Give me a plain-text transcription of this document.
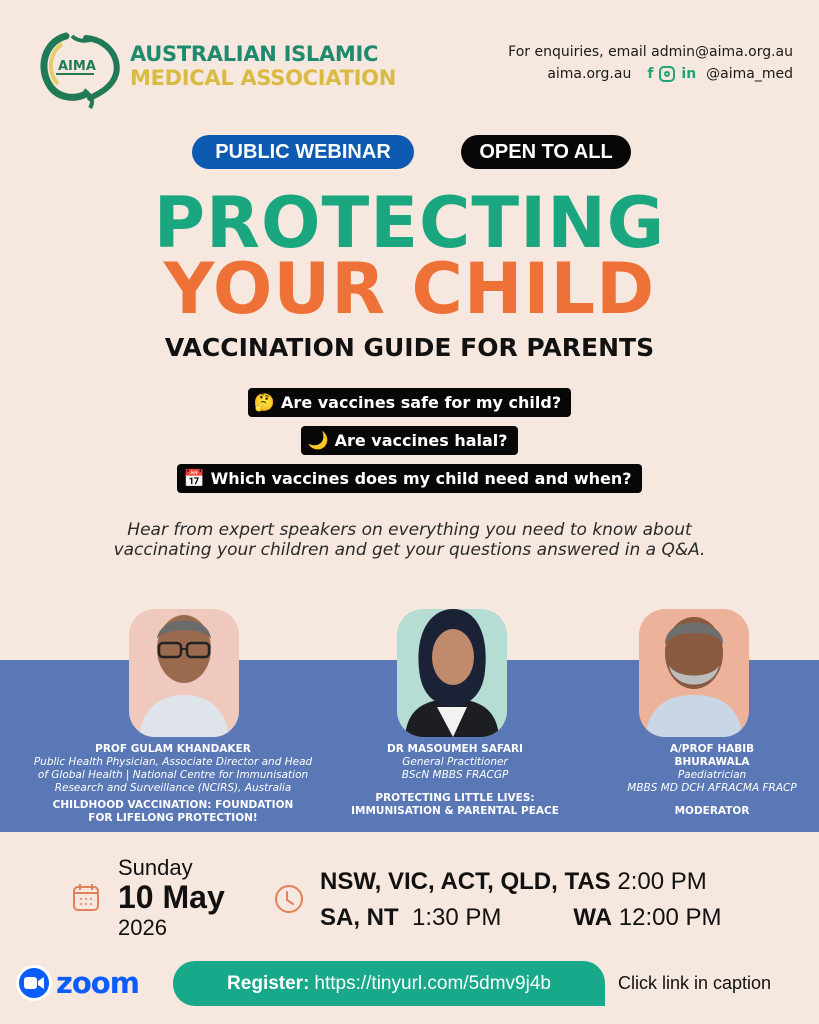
AIMA
AUSTRALIAN ISLAMIC
MEDICAL ASSOCIATION
For enquiries, email admin@aima.org.au
aima.org.au f in @aima_med
PUBLIC WEBINAR	OPEN TO ALL
PROTECTING
YOUR CHILD
VACCINATION GUIDE FOR PARENTS
🤔 Are vaccines safe for my child?
🌙 Are vaccines halal?
📅 Which vaccines does my child need and when?
Hear from expert speakers on everything you need to know about
vaccinating your children and get your questions answered in a Q&A.
PROF GULAM KHANDAKER
Public Health Physician, Associate Director and Head
of Global Health | National Centre for Immunisation
Research and Surveillance (NCIRS), Australia
CHILDHOOD VACCINATION: FOUNDATION
FOR LIFELONG PROTECTION!
DR MASOUMEH SAFARI
General Practitioner
BScN MBBS FRACGP
PROTECTING LITTLE LIVES:
IMMUNISATION & PARENTAL PEACE
A/PROF HABIB
BHURAWALA
Paediatrician
MBBS MD DCH AFRACMA FRACP
MODERATOR
Sunday
10 May
2026
NSW, VIC, ACT, QLD, TAS 2:00 PM
SA, NT 1:30 PM	WA 12:00 PM
zoom	Register: https://tinyurl.com/5dmv9j4b	Click link in caption
